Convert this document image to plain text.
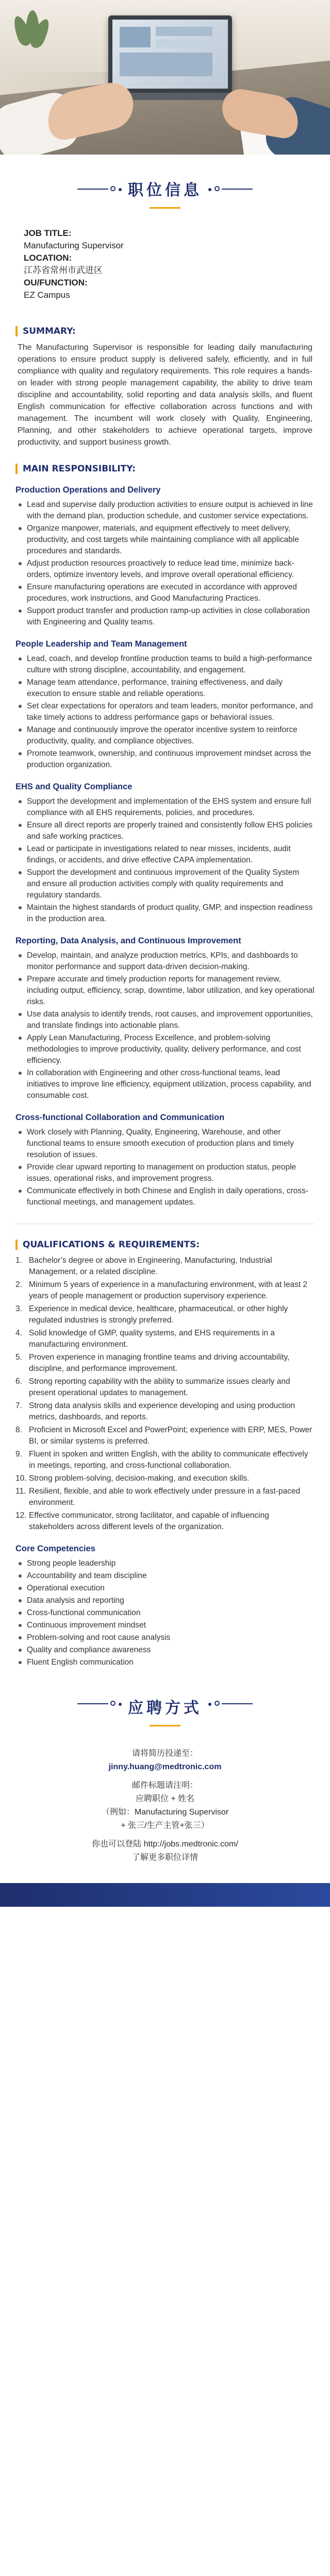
职位信息
JOB TITLE:
Manufacturing Supervisor
LOCATION:
江苏省常州市武进区
OU/FUNCTION:
EZ Campus
SUMMARY:

The Manufacturing Supervisor is responsible for leading daily manufacturing operations to ensure product supply is delivered safely, efficiently, and in full compliance with quality and regulatory requirements. This role requires a hands-on leader with strong people management capability, the ability to drive team discipline and accountability, solid reporting and data analysis skills, and fluent English communication for effective collaboration across functions and with management. The incumbent will work closely with Quality, Engineering, Planning, and other stakeholders to achieve operational targets, improve productivity, and support business growth.

MAIN RESPONSIBILITY:
Production Operations and Delivery
Lead and supervise daily production activities to ensure output is achieved in line with the demand plan, production schedule, and customer service expectations.
Organize manpower, materials, and equipment effectively to meet delivery, productivity, and cost targets while maintaining compliance with all applicable procedures and standards.
Adjust production resources proactively to reduce lead time, minimize back-orders, optimize inventory levels, and improve overall operational efficiency.
Ensure manufacturing operations are executed in accordance with approved procedures, work instructions, and Good Manufacturing Practices.
Support product transfer and production ramp-up activities in close collaboration with Engineering and Quality teams.
People Leadership and Team Management
Lead, coach, and develop frontline production teams to build a high-performance culture with strong discipline, accountability, and engagement.
Manage team attendance, performance, training effectiveness, and daily execution to ensure stable and reliable operations.
Set clear expectations for operators and team leaders, monitor performance, and take timely actions to address performance gaps or behavioral issues.
Manage and continuously improve the operator incentive system to reinforce productivity, quality, and compliance objectives.
Promote teamwork, ownership, and continuous improvement mindset across the production organization.
EHS and Quality Compliance
Support the development and implementation of the EHS system and ensure full compliance with all EHS requirements, policies, and procedures.
Ensure all direct reports are properly trained and consistently follow EHS policies and safe working practices.
Lead or participate in investigations related to near misses, incidents, audit findings, or accidents, and drive effective CAPA implementation.
Support the development and continuous improvement of the Quality System and ensure all production activities comply with quality requirements and regulatory standards.
Maintain the highest standards of product quality, GMP, and inspection readiness in the production area.
Reporting, Data Analysis, and Continuous Improvement
Develop, maintain, and analyze production metrics, KPIs, and dashboards to monitor performance and support data-driven decision-making.
Prepare accurate and timely production reports for management review, including output, efficiency, scrap, downtime, labor utilization, and key operational risks.
Use data analysis to identify trends, root causes, and improvement opportunities, and translate findings into actionable plans.
Apply Lean Manufacturing, Process Excellence, and problem-solving methodologies to improve productivity, quality, delivery performance, and cost efficiency.
In collaboration with Engineering and other cross-functional teams, lead initiatives to improve line efficiency, equipment utilization, process capability, and consumable cost.
Cross-functional Collaboration and Communication
Work closely with Planning, Quality, Engineering, Warehouse, and other functional teams to ensure smooth execution of production plans and timely resolution of issues.
Provide clear upward reporting to management on production status, people issues, operational risks, and improvement progress.
Communicate effectively in both Chinese and English in daily operations, cross-functional meetings, and management updates.
QUALIFICATIONS & REQUIREMENTS:
1. Bachelor’s degree or above in Engineering, Manufacturing, Industrial Management, or a related discipline.
2. Minimum 5 years of experience in a manufacturing environment, with at least 2 years of people management or production supervisory experience.
3. Experience in medical device, healthcare, pharmaceutical, or other highly regulated industries is strongly preferred.
4. Solid knowledge of GMP, quality systems, and EHS requirements in a manufacturing environment.
5. Proven experience in managing frontline teams and driving accountability, discipline, and performance improvement.
6. Strong reporting capability with the ability to summarize issues clearly and present operational updates to management.
7. Strong data analysis skills and experience developing and using production metrics, dashboards, and reports.
8. Proficient in Microsoft Excel and PowerPoint; experience with ERP, MES, Power BI, or similar systems is preferred.
9. Fluent in spoken and written English, with the ability to communicate effectively in meetings, reporting, and cross-functional collaboration.
10. Strong problem-solving, decision-making, and execution skills.
11. Resilient, flexible, and able to work effectively under pressure in a fast-paced environment.
12. Effective communicator, strong facilitator, and capable of influencing stakeholders across different levels of the organization.
Core Competencies
Strong people leadership
Accountability and team discipline
Operational execution
Data analysis and reporting
Cross-functional communication
Continuous improvement mindset
Problem-solving and root cause analysis
Quality and compliance awareness
Fluent English communication
应聘方式
请将简历投递至：
jinny.huang@medtronic.com
邮件标题请注明：
应聘职位 + 姓名
（例如：Manufacturing Supervisor
+ 张三/生产主管+张三）
你也可以登陆 http://jobs.medtronic.com/
了解更多职位详情
